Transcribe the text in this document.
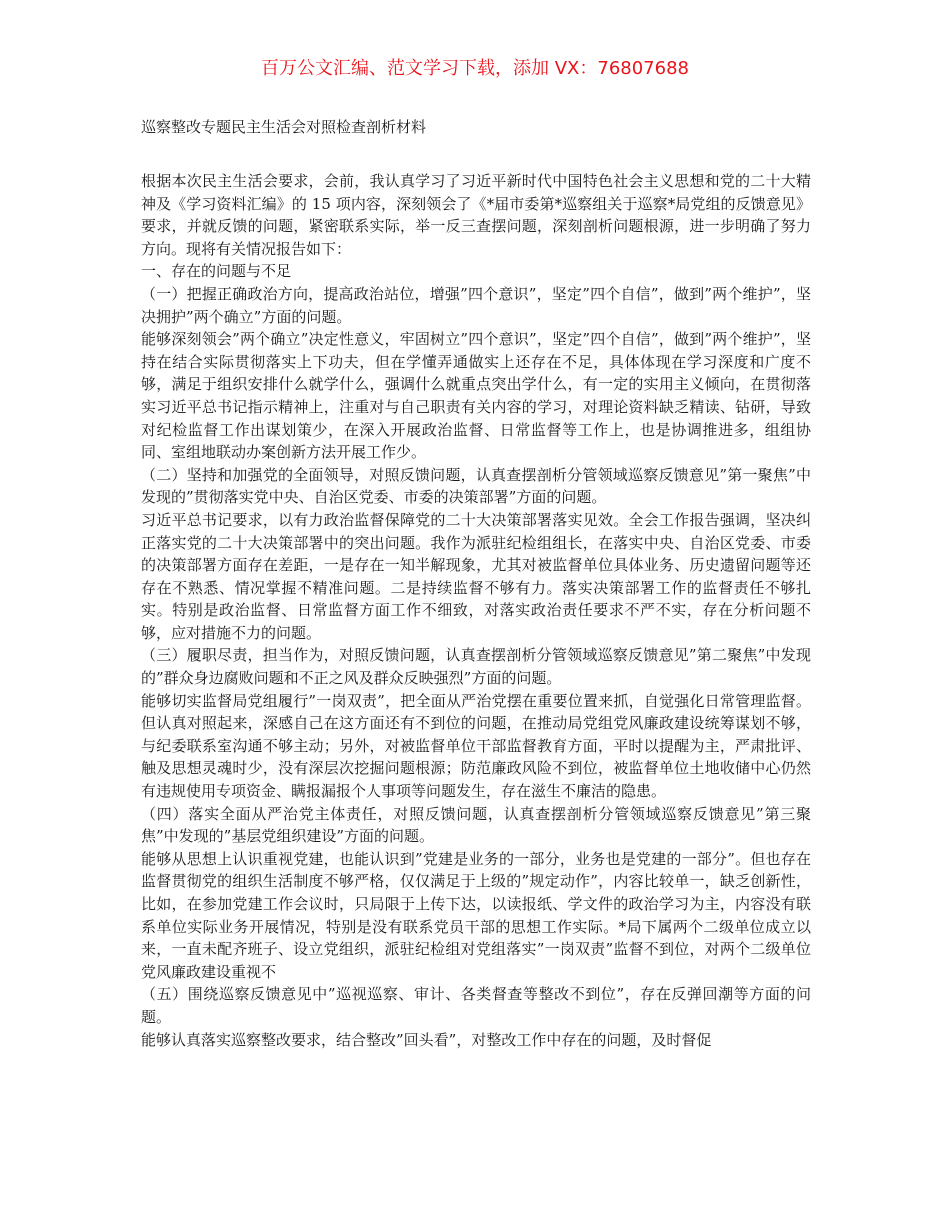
百万公文汇编、范文学习下载，添加 VX：76807688
巡察整改专题民主生活会对照检查剖析材料

根据本次民主生活会要求，会前，我认真学习了习近平新时代中国特色社会主义思想和党的二十大精神及《学习资料汇编》的 15 项内容，深刻领会了《*届市委第*巡察组关于巡察*局党组的反馈意见》要求，并就反馈的问题，紧密联系实际，举一反三查摆问题，深刻剖析问题根源，进一步明确了努力方向。现将有关情况报告如下：

一、存在的问题与不足

（一）把握正确政治方向，提高政治站位，增强”四个意识”，坚定”四个自信”，做到”两个维护”，坚决拥护”两个确立”方面的问题。

能够深刻领会”两个确立”决定性意义，牢固树立”四个意识”，坚定”四个自信”，做到”两个维护”，坚持在结合实际贯彻落实上下功夫，但在学懂弄通做实上还存在不足，具体体现在学习深度和广度不够，满足于组织安排什么就学什么，强调什么就重点突出学什么，有一定的实用主义倾向，在贯彻落实习近平总书记指示精神上，注重对与自己职责有关内容的学习，对理论资料缺乏精读、钻研，导致对纪检监督工作出谋划策少，在深入开展政治监督、日常监督等工作上，也是协调推进多，组组协同、室组地联动办案创新方法开展工作少。

（二）坚持和加强党的全面领导，对照反馈问题，认真查摆剖析分管领域巡察反馈意见”第一聚焦”中发现的”贯彻落实党中央、自治区党委、市委的决策部署”方面的问题。

习近平总书记要求，以有力政治监督保障党的二十大决策部署落实见效。全会工作报告强调，坚决纠正落实党的二十大决策部署中的突出问题。我作为派驻纪检组组长，在落实中央、自治区党委、市委的决策部署方面存在差距，一是存在一知半解现象，尤其对被监督单位具体业务、历史遗留问题等还存在不熟悉、情况掌握不精准问题。二是持续监督不够有力。落实决策部署工作的监督责任不够扎实。特别是政治监督、日常监督方面工作不细致，对落实政治责任要求不严不实，存在分析问题不够，应对措施不力的问题。

（三）履职尽责，担当作为，对照反馈问题，认真查摆剖析分管领域巡察反馈意见”第二聚焦”中发现的”群众身边腐败问题和不正之风及群众反映强烈”方面的问题。

能够切实监督局党组履行”一岗双责”，把全面从严治党摆在重要位置来抓，自觉强化日常管理监督。但认真对照起来，深感自己在这方面还有不到位的问题，在推动局党组党风廉政建设统筹谋划不够，与纪委联系室沟通不够主动；另外，对被监督单位干部监督教育方面，平时以提醒为主，严肃批评、触及思想灵魂时少，没有深层次挖掘问题根源；防范廉政风险不到位，被监督单位土地收储中心仍然有违规使用专项资金、瞒报漏报个人事项等问题发生，存在滋生不廉洁的隐患。

（四）落实全面从严治党主体责任，对照反馈问题，认真查摆剖析分管领域巡察反馈意见”第三聚焦”中发现的”基层党组织建设”方面的问题。

能够从思想上认识重视党建，也能认识到”党建是业务的一部分，业务也是党建的一部分”。但也存在监督贯彻党的组织生活制度不够严格，仅仅满足于上级的”规定动作”，内容比较单一，缺乏创新性，比如，在参加党建工作会议时，只局限于上传下达，以读报纸、学文件的政治学习为主，内容没有联系单位实际业务开展情况，特别是没有联系党员干部的思想工作实际。*局下属两个二级单位成立以来，一直未配齐班子、设立党组织，派驻纪检组对党组落实”一岗双责”监督不到位，对两个二级单位党风廉政建设重视不

（五）围绕巡察反馈意见中”巡视巡察、审计、各类督查等整改不到位”，存在反弹回潮等方面的问题。

能够认真落实巡察整改要求，结合整改”回头看”，对整改工作中存在的问题，及时督促
